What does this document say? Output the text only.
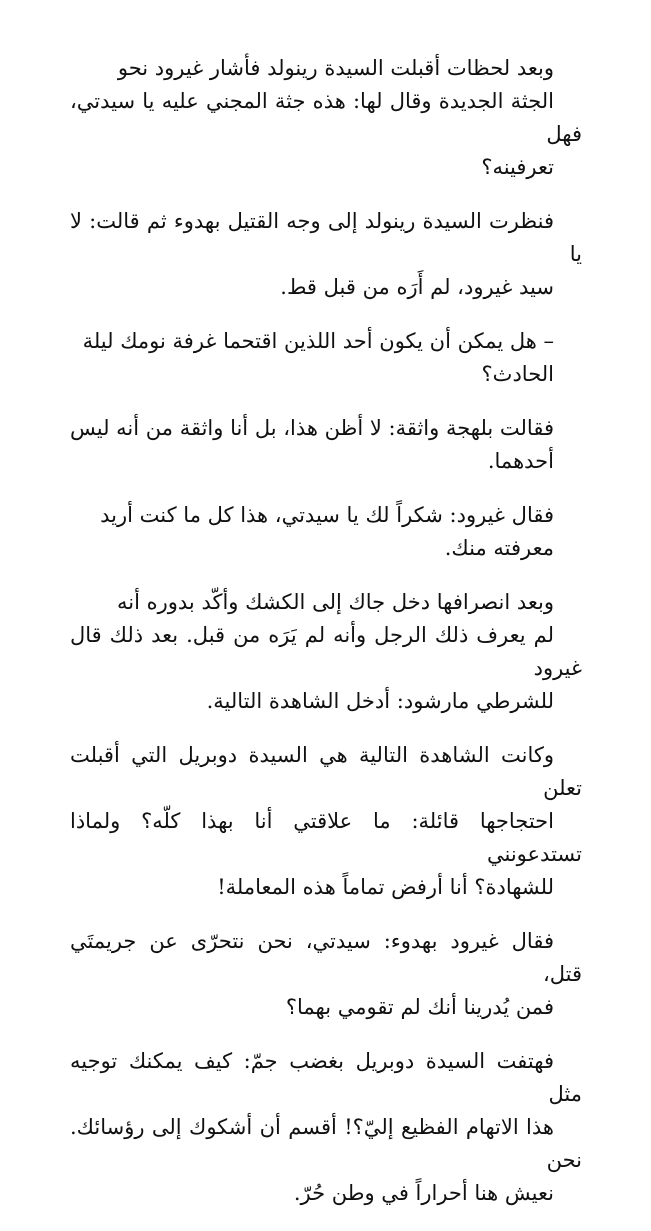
وبعد لحظات أقبلت السيدة رينولد فأشار غيرود نحو
الجثة الجديدة وقال لها: هذه جثة المجني عليه يا سيدتي، فهل
تعرفينه؟

فنظرت السيدة رينولد إلى وجه القتيل بهدوء ثم قالت: لا يا
سيد غيرود، لم أَرَه من قبل قط.

– هل يمكن أن يكون أحد اللذين اقتحما غرفة نومك ليلة
الحادث؟

فقالت بلهجة واثقة: لا أظن هذا، بل أنا واثقة من أنه ليس
أحدهما.

فقال غيرود: شكراً لك يا سيدتي، هذا كل ما كنت أريد
معرفته منك.

وبعد انصرافها دخل جاك إلى الكشك وأكّد بدوره أنه
لم يعرف ذلك الرجل وأنه لم يَرَه من قبل. بعد ذلك قال غيرود
للشرطي مارشود: أدخل الشاهدة التالية.

وكانت الشاهدة التالية هي السيدة دوبريل التي أقبلت تعلن
احتجاجها قائلة: ما علاقتي أنا بهذا كلّه؟ ولماذا تستدعونني
للشهادة؟ أنا أرفض تماماً هذه المعاملة!

فقال غيرود بهدوء: سيدتي، نحن نتحرّى عن جريمتَي قتل،
فمن يُدرينا أنك لم تقومي بهما؟

فهتفت السيدة دوبريل بغضب جمّ: كيف يمكنك توجيه مثل
هذا الاتهام الفظيع إليّ؟! أقسم أن أشكوك إلى رؤسائك. نحن
نعيش هنا أحراراً في وطن حُرّ.
